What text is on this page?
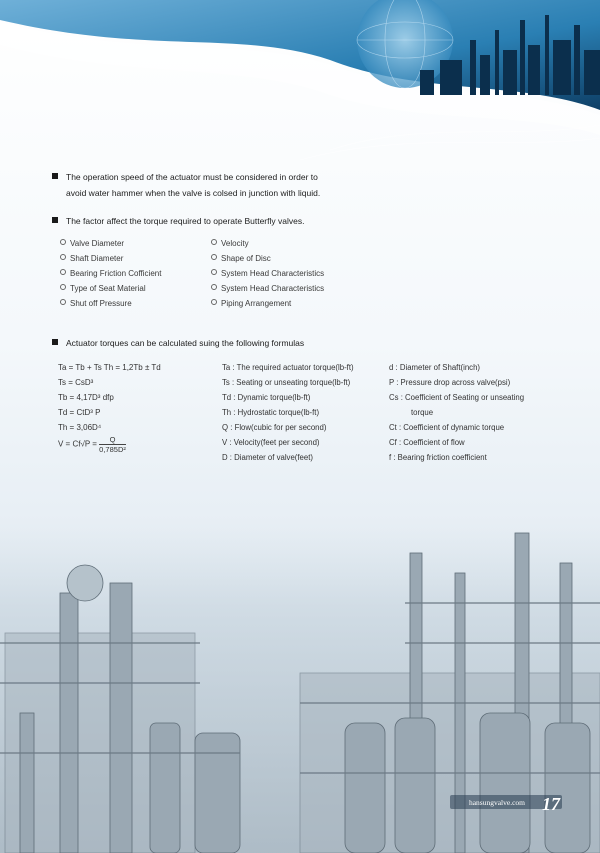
The operation speed of the actuator must be considered in order to
avoid water hammer when the valve is colsed in junction with liquid.
The factor affect the torque required to operate Butterfly valves.
Valve Diameter
Shaft Diameter
Bearing Friction Cofficient
Type of Seat Material
Shut off Pressure
Velocity
Shape of Disc
System Head Characteristics
System Head Characteristics
Piping Arrangement
Actuator torques can be calculated suing the following formulas
Ta = Tb + Ts Th = 1,2Tb ± Td
Ts = CsD³
Tb = 4,17D³ dfp
Td = CtD³ P
Th = 3,06D⁴
$V = Cf√P = \frac{Q}{\text{0,785D²}}$
Ta : The required actuator torque(lb-ft)
Ts : Seating or unseating torque(lb-ft)
Td : Dynamic torque(lb-ft)
Th : Hydrostatic torque(lb-ft)
Q : Flow(cubic for per second)
V : Velocity(feet per second)
D : Diameter of valve(feet)
d : Diameter of Shaft(inch)
P : Pressure drop across valve(psi)
Cs : Coefficient of Seating or unseating
torque
Ct : Coefficient of dynamic torque
Cf : Coefficient of flow
f : Bearing friction coefficient
hansungvalve.com 17
